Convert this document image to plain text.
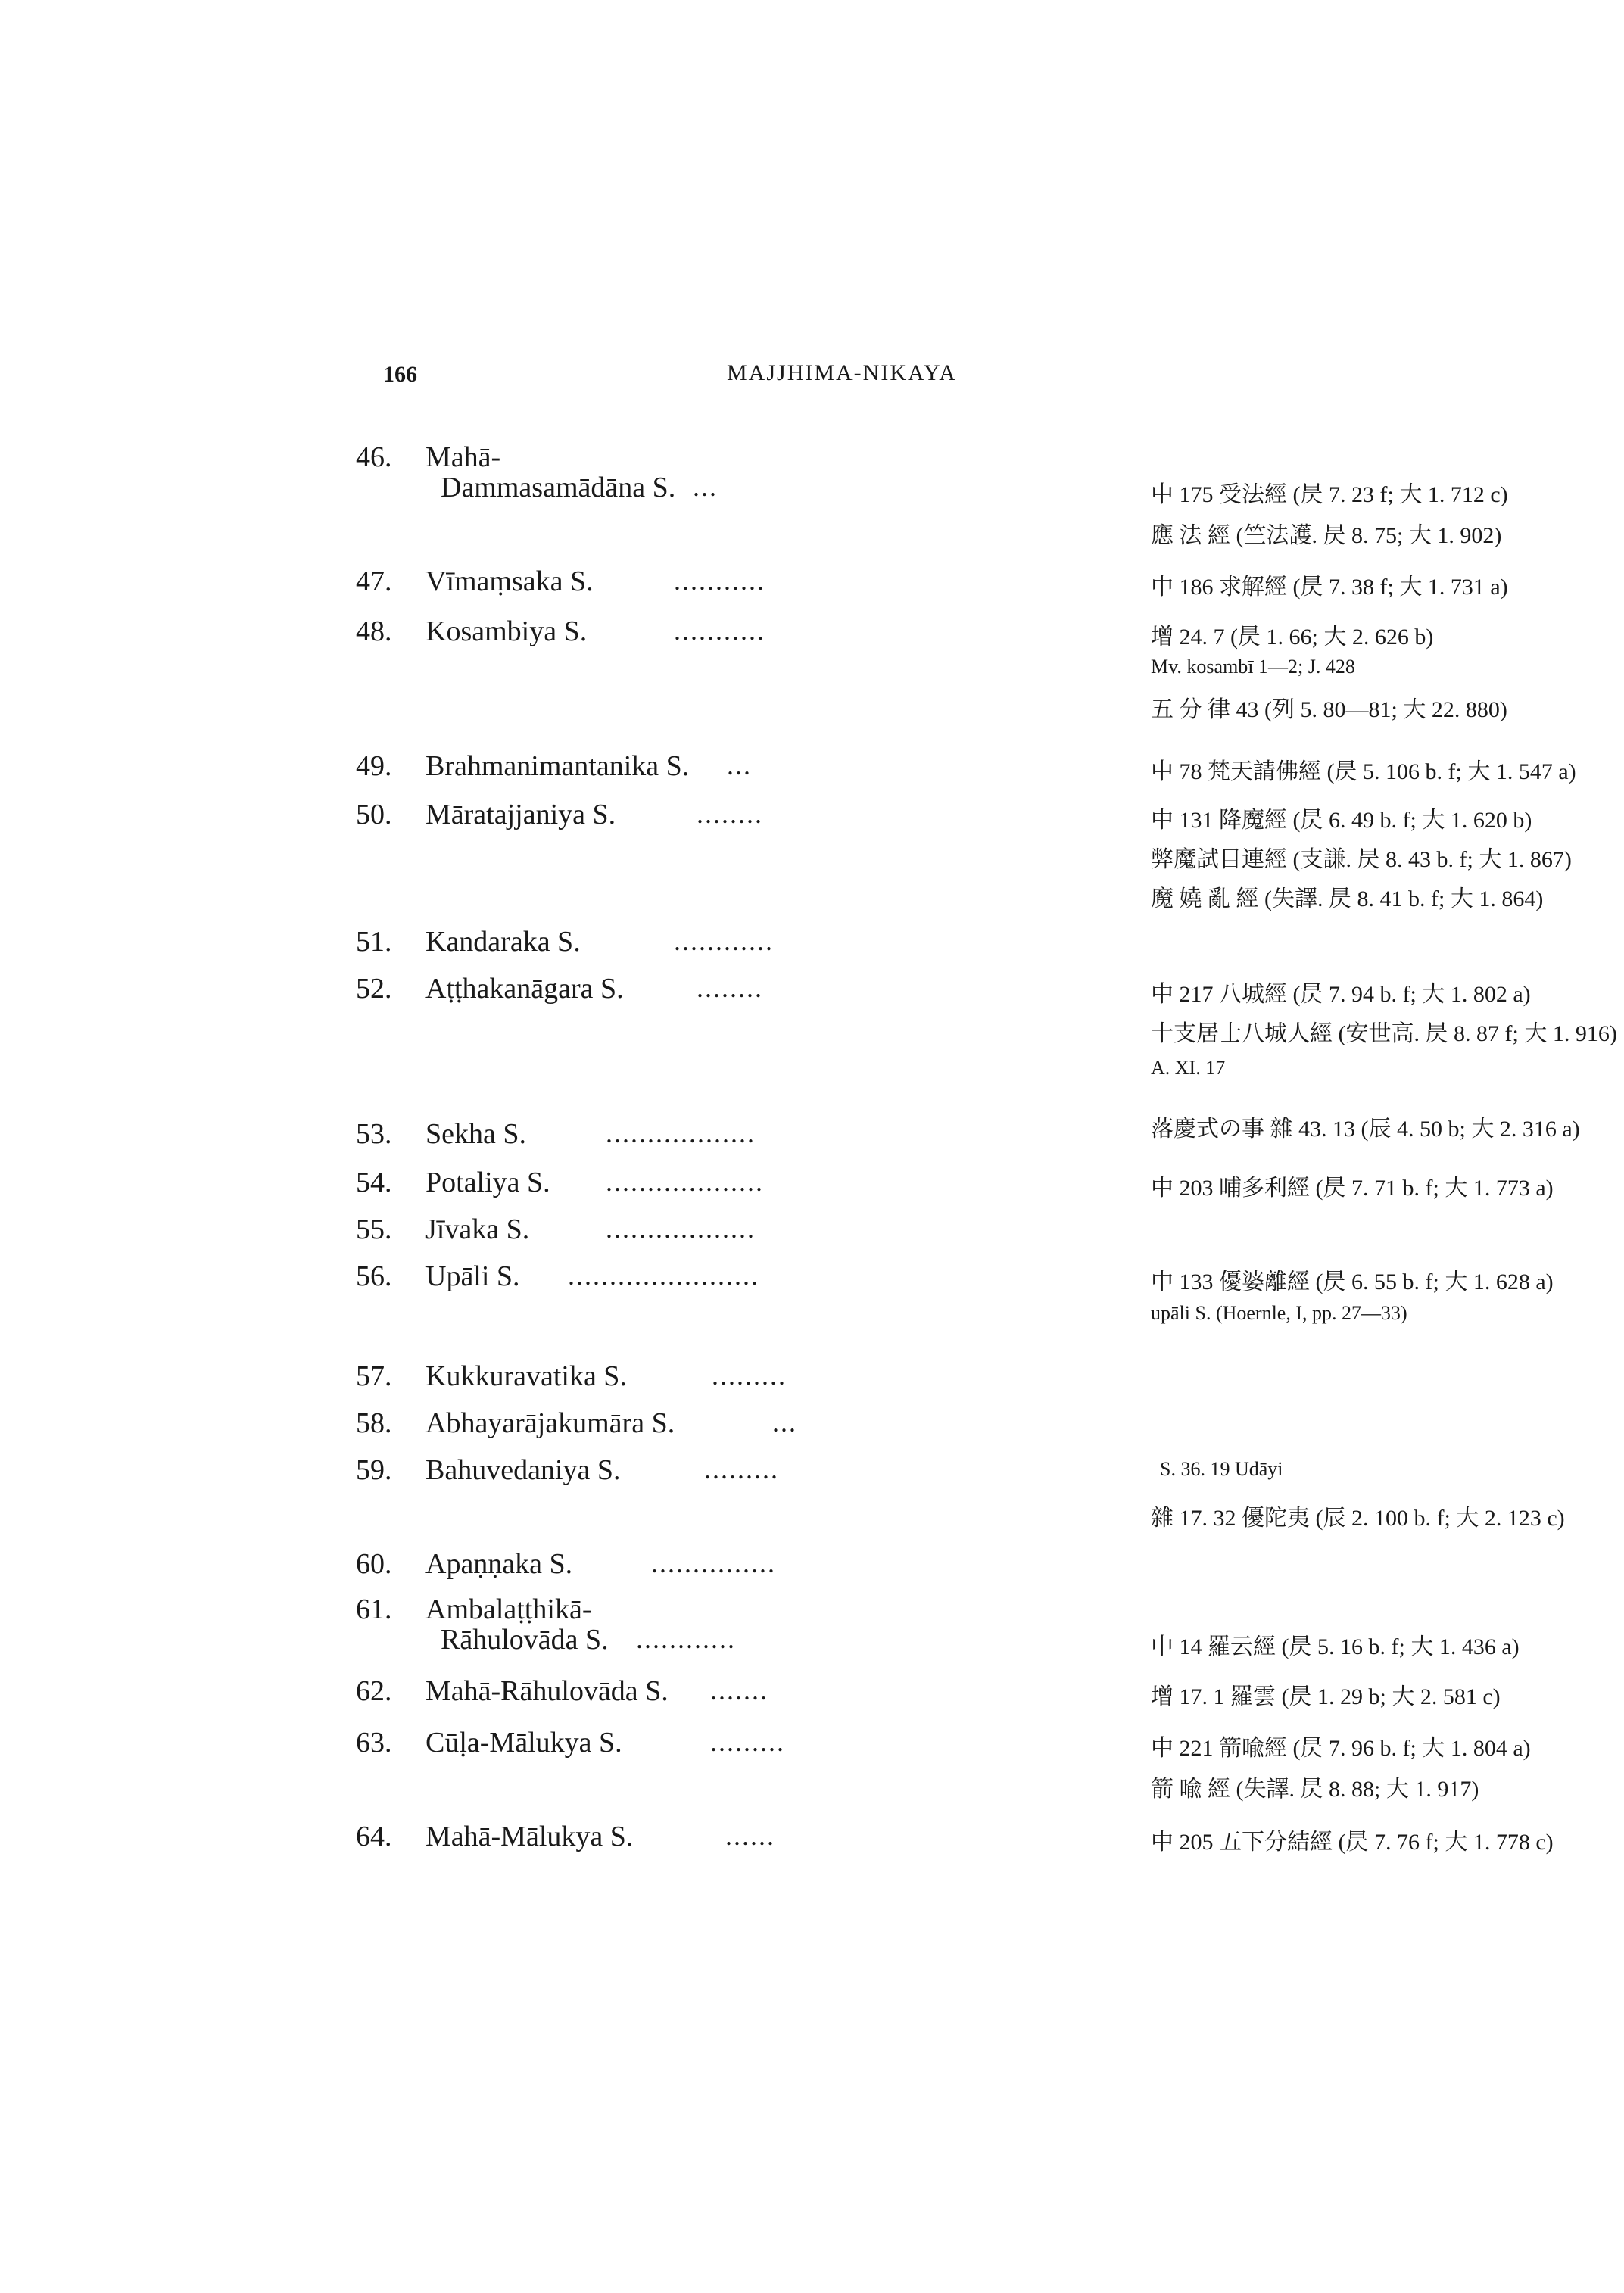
166	MAJJHIMA-NIKAYA
46.	Mahā-
Dammasamādāna S. ...	中 175 受法經 (昃 7. 23 f; 大 1. 712 c)
應 法 經 (竺法護. 昃 8. 75; 大 1. 902)
47.	Vīmaṃsaka S.	...........	中 186 求解經 (昃 7. 38 f; 大 1. 731 a)
48.	Kosambiya S.	...........	增 24. 7 (昃 1. 66; 大 2. 626 b)
Mv. kosambī 1—2; J. 428
五 分 律 43 (列 5. 80—81; 大 22. 880)
49.	Brahmanimantanika S. ...	中 78 梵天請佛經 (昃 5. 106 b. f; 大 1. 547 a)
50.	Māratajjaniya S.	........	中 131 降魔經 (昃 6. 49 b. f; 大 1. 620 b)
弊魔試目連經 (支謙. 昃 8. 43 b. f; 大 1. 867)
魔 嬈 亂 經 (失譯. 昃 8. 41 b. f; 大 1. 864)
51.	Kandaraka S.	............
52.	Aṭṭhakanāgara S.	........	中 217 八城經 (昃 7. 94 b. f; 大 1. 802 a)
十支居士八城人經 (安世高. 昃 8. 87 f; 大 1. 916)
A. XI. 17
53.	Sekha S.	..................	落慶式の事 雜 43. 13 (辰 4. 50 b; 大 2. 316 a)
54.	Potaliya S. ...................	中 203 晡多利經 (昃 7. 71 b. f; 大 1. 773 a)
55.	Jīvaka S.	..................
56.	Upāli S. .......................	中 133 優婆離經 (昃 6. 55 b. f; 大 1. 628 a)
upāli S. (Hoernle, I, pp. 27—33)
57.	Kukkuravatika S.	.........
58.	Abhayarājakumāra S.	...
59.	Bahuvedaniya S.	.........	S. 36. 19 Udāyi
雜 17. 32 優陀夷 (辰 2. 100 b. f; 大 2. 123 c)
60.	Apaṇṇaka S.	...............
61.	Ambalaṭṭhikā-
Rāhulovāda S. ............	中 14 羅云經 (昃 5. 16 b. f; 大 1. 436 a)
62.	Mahā-Rāhulovāda S. .......	增 17. 1 羅雲 (昃 1. 29 b; 大 2. 581 c)
63.	Cūḷa-Mālukya S.	.........	中 221 箭喩經 (昃 7. 96 b. f; 大 1. 804 a)
箭 喩 經 (失譯. 昃 8. 88; 大 1. 917)
64.	Mahā-Mālukya S.	......	中 205 五下分結經 (昃 7. 76 f; 大 1. 778 c)
